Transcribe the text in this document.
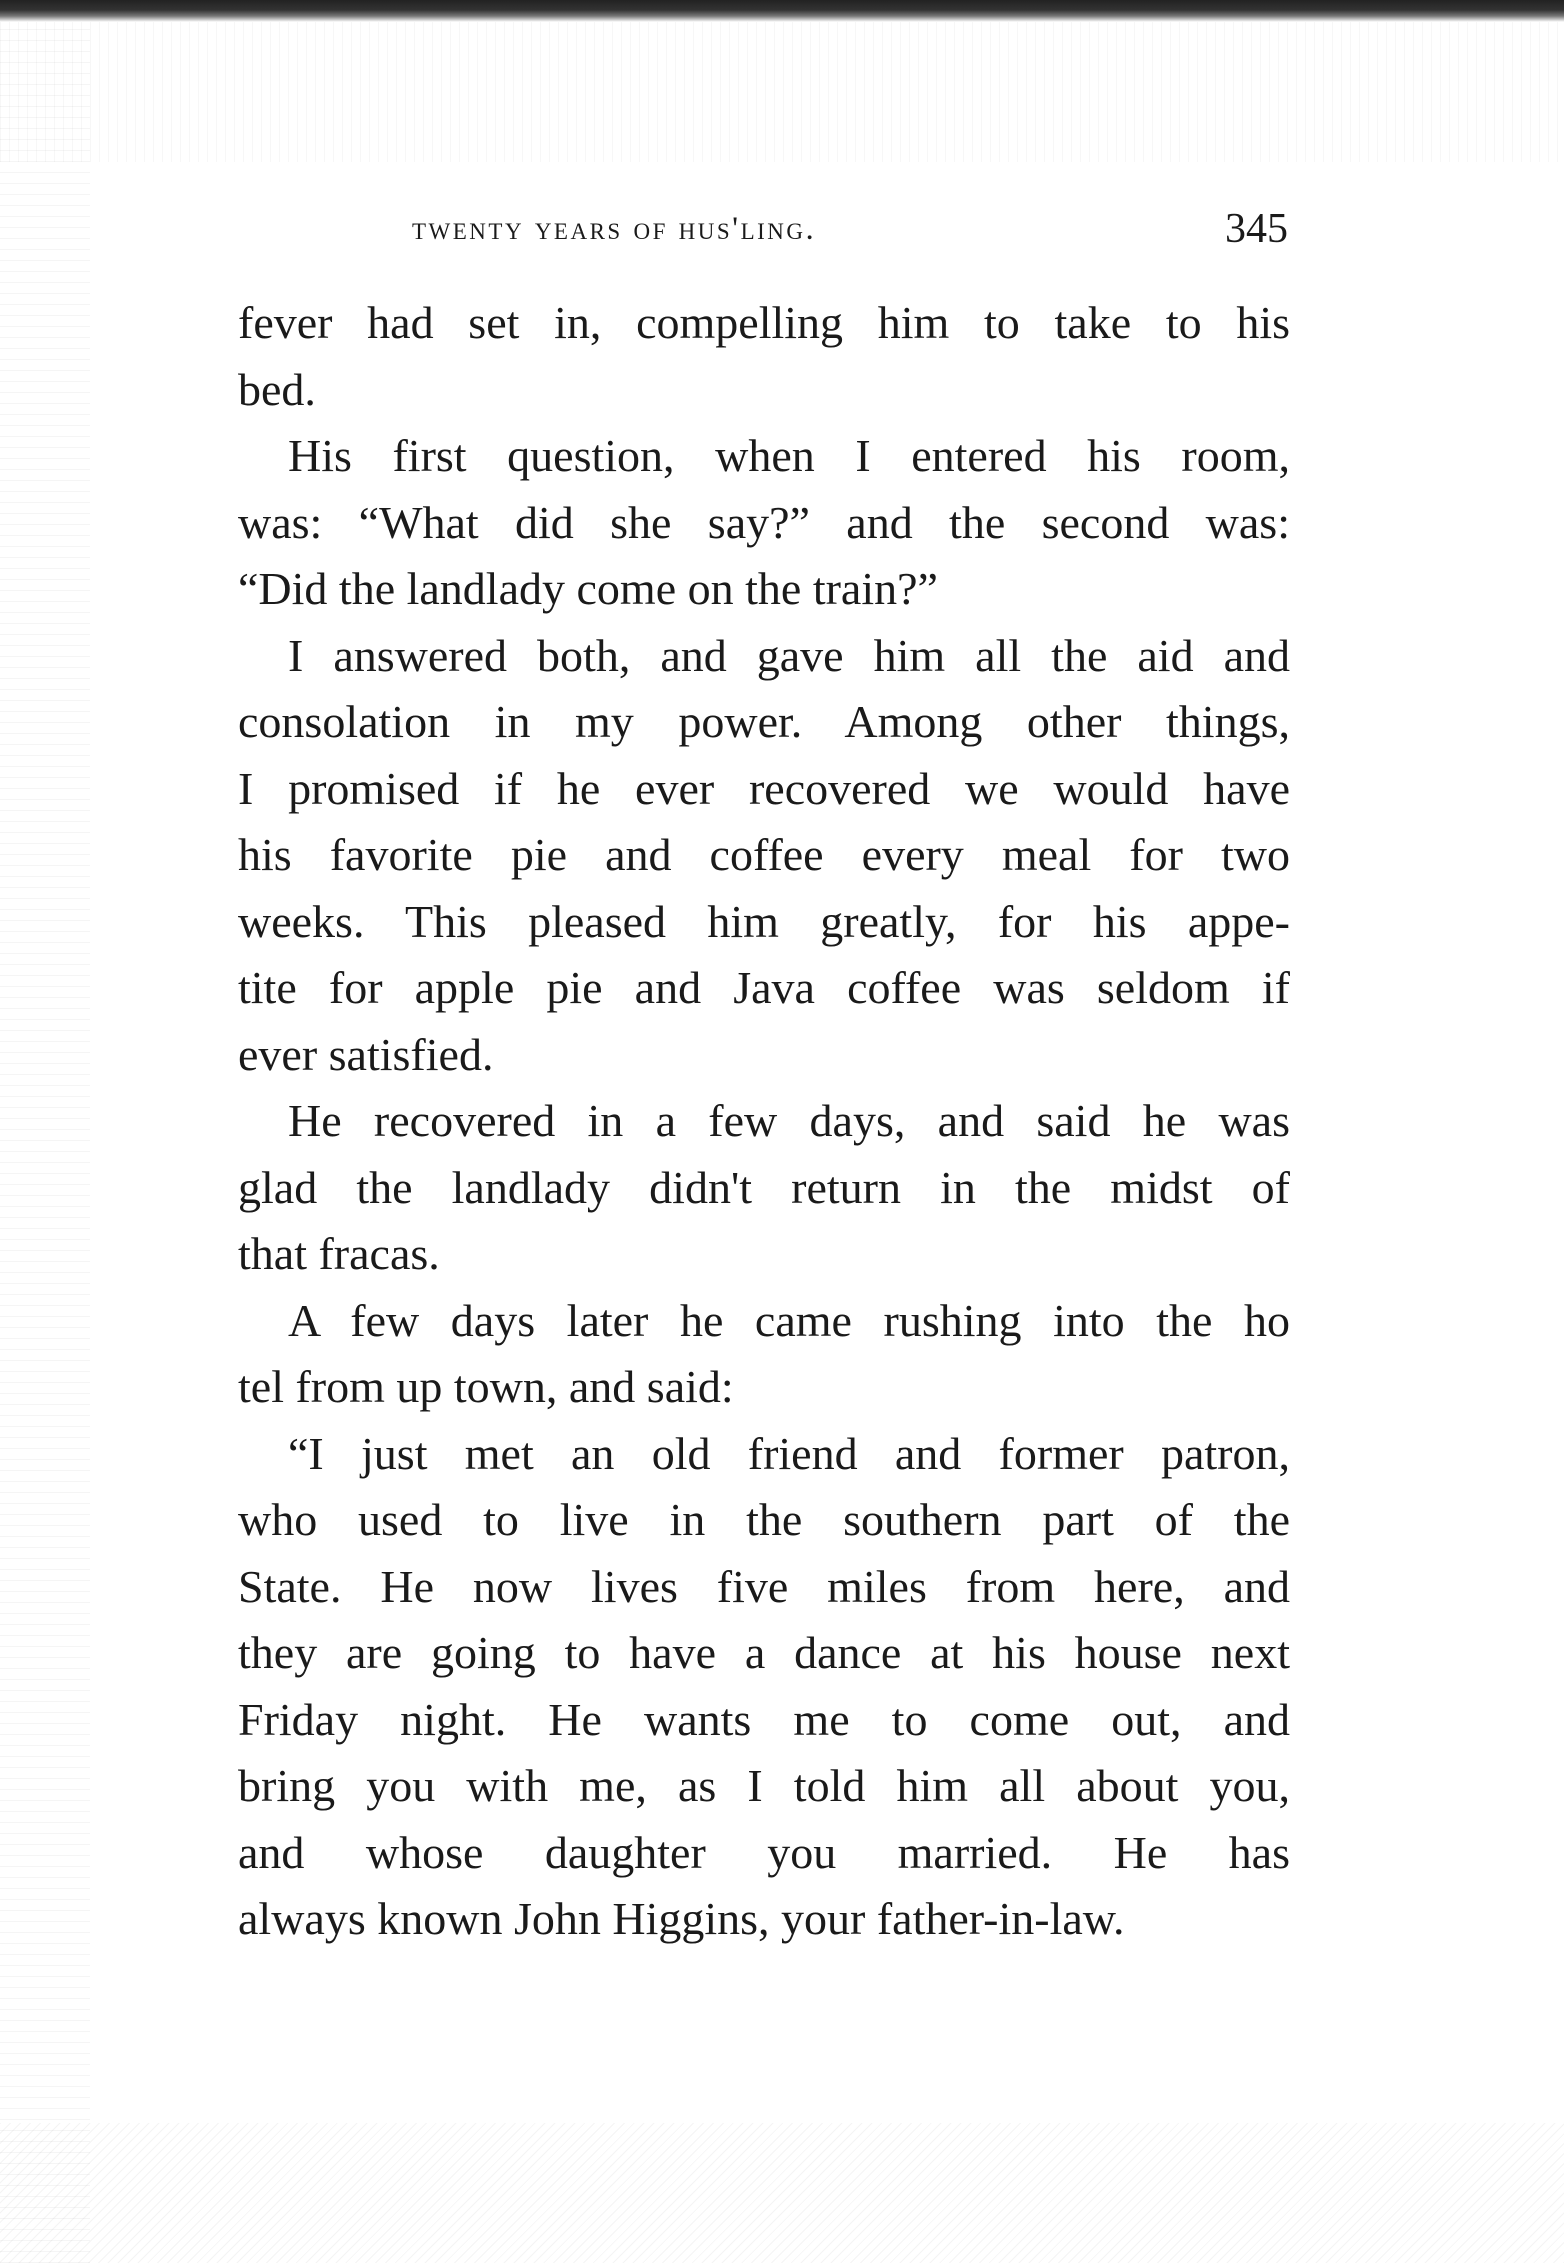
twenty years of hus'ling.	345
fever had set in, compelling him to take to his
bed.
His first question, when I entered his room,
was: “What did she say?” and the second was:
“Did the landlady come on the train?”
I answered both, and gave him all the aid and
consolation in my power. Among other things,
I promised if he ever recovered we would have
his favorite pie and coffee every meal for two
weeks. This pleased him greatly, for his appe-
tite for apple pie and Java coffee was seldom if
ever satisfied.
He recovered in a few days, and said he was
glad the landlady didn't return in the midst of
that fracas.
A few days later he came rushing into the ho
tel from up town, and said:
“I just met an old friend and former patron,
who used to live in the southern part of the
State. He now lives five miles from here, and
they are going to have a dance at his house next
Friday night. He wants me to come out, and
bring you with me, as I told him all about you,
and whose daughter you married. He has
always known John Higgins, your father-in-law.
